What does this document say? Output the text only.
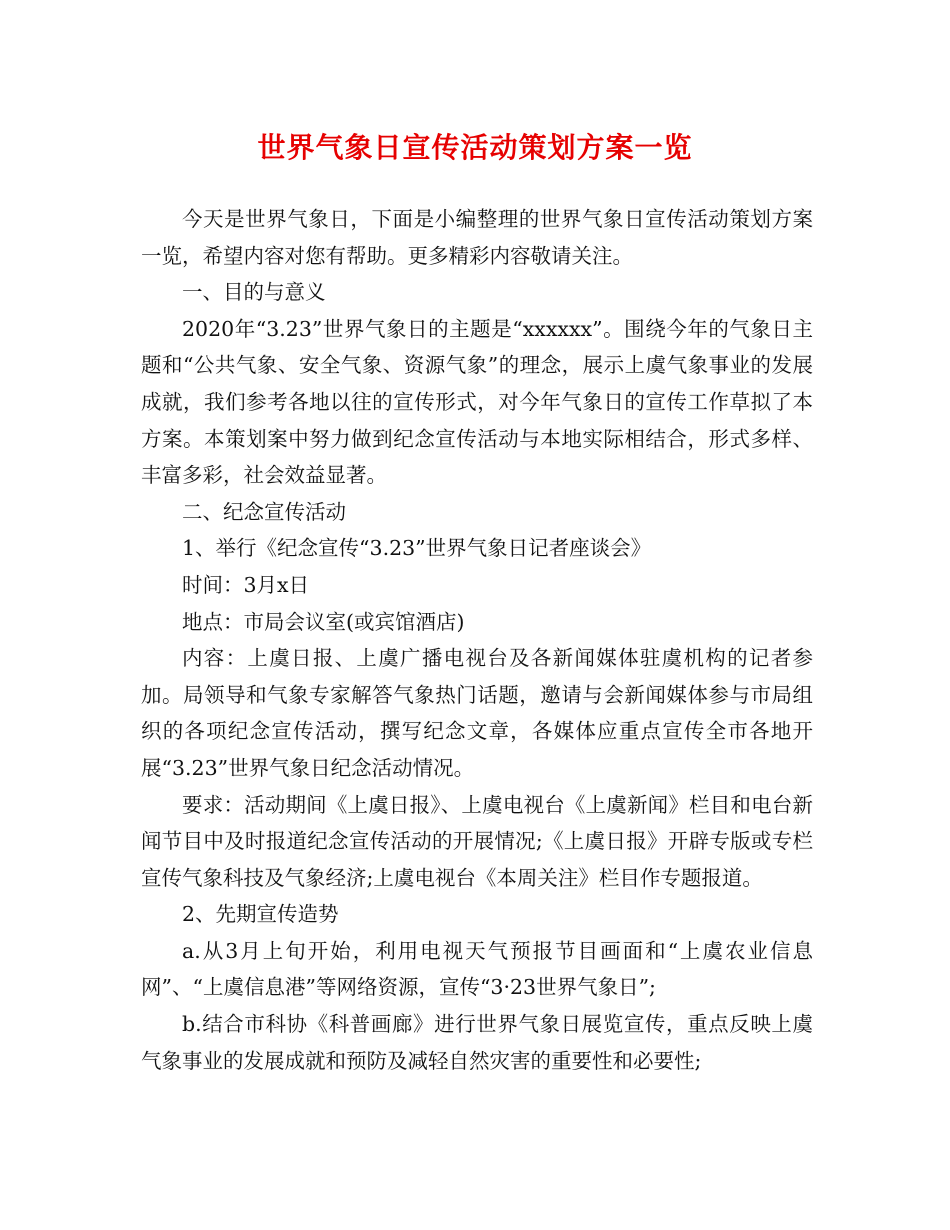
世界气象日宣传活动策划方案一览

今天是世界气象日，下面是小编整理的世界气象日宣传活动策划方案一览，希望内容对您有帮助。更多精彩内容敬请关注。

一、目的与意义

2020年“3.23”世界气象日的主题是“xxxxxx”。围绕今年的气象日主题和“公共气象、安全气象、资源气象”的理念，展示上虞气象事业的发展成就，我们参考各地以往的宣传形式，对今年气象日的宣传工作草拟了本方案。本策划案中努力做到纪念宣传活动与本地实际相结合，形式多样、丰富多彩，社会效益显著。

二、纪念宣传活动

1、举行《纪念宣传“3.23”世界气象日记者座谈会》

时间：3月x日

地点：市局会议室(或宾馆酒店)

内容：上虞日报、上虞广播电视台及各新闻媒体驻虞机构的记者参加。局领导和气象专家解答气象热门话题，邀请与会新闻媒体参与市局组织的各项纪念宣传活动，撰写纪念文章，各媒体应重点宣传全市各地开展“3.23”世界气象日纪念活动情况。

要求：活动期间《上虞日报》、上虞电视台《上虞新闻》栏目和电台新闻节目中及时报道纪念宣传活动的开展情况;《上虞日报》开辟专版或专栏宣传气象科技及气象经济;上虞电视台《本周关注》栏目作专题报道。

2、先期宣传造势

a.从3月上旬开始，利用电视天气预报节目画面和“上虞农业信息网”、“上虞信息港”等网络资源，宣传“3·23世界气象日”;

b.结合市科协《科普画廊》进行世界气象日展览宣传，重点反映上虞气象事业的发展成就和预防及减轻自然灾害的重要性和必要性;
